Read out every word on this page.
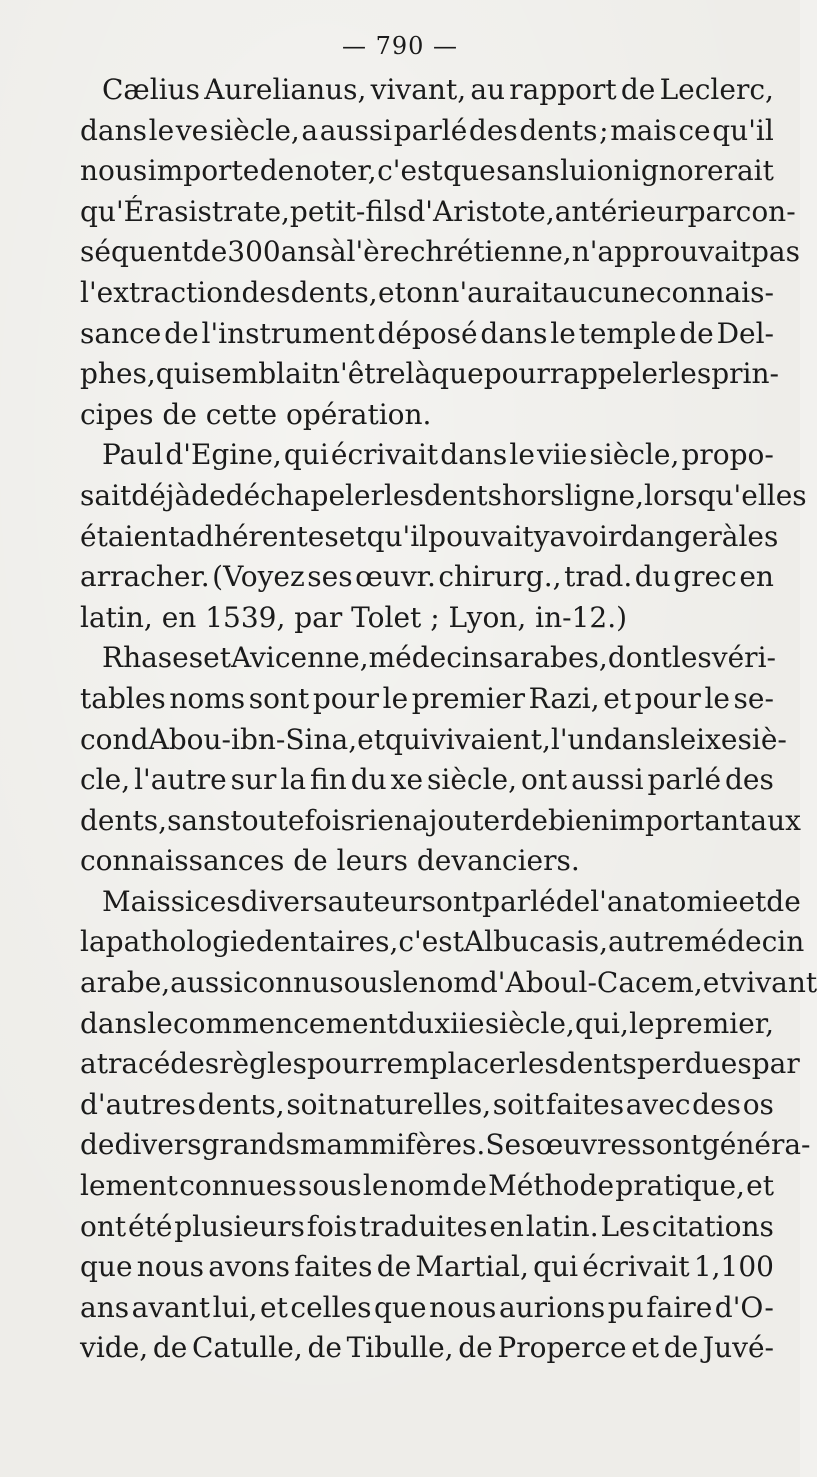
— 790 —
Cælius Aurelianus, vivant, au rapport de Leclerc,
dans le ve siècle, a aussi parlé des dents ; mais ce qu'il
nous importe de noter, c'est que sans lui on ignorerait
qu'Érasistrate, petit-fils d'Aristote, antérieur par con-
séquent de 300 ans à l'ère chrétienne, n'approuvait pas
l'extraction des dents, et on n'aurait aucune connais-
sance de l'instrument déposé dans le temple de Del-
phes, qui semblait n'être là que pour rappeler les prin-
cipes de cette opération.
Paul d'Egine, qui écrivait dans le viie siècle, propo-
sait déjà de déchapeler les dents hors ligne, lorsqu'elles
étaient adhérentes et qu'il pouvait y avoir danger à les
arracher. (Voyez ses œuvr. chirurg., trad. du grec en
latin, en 1539, par Tolet ; Lyon, in-12.)
Rhases et Avicenne, médecins arabes, dont les véri-
tables noms sont pour le premier Razi, et pour le se-
cond Abou-ibn-Sina, et qui vivaient, l'un dans le ixe siè-
cle, l'autre sur la fin du xe siècle, ont aussi parlé des
dents, sans toutefois rien ajouter de bien important aux
connaissances de leurs devanciers.
Mais si ces divers auteurs ont parlé de l'anatomie et de
la pathologie dentaires, c'est Albucasis, autre médecin
arabe, aussi connu sous le nom d'Aboul-Cacem, et vivant
dans le commencement du xiie siècle, qui, le premier,
a tracé des règles pour remplacer les dents perdues par
d'autres dents, soit naturelles, soit faites avec des os
de divers grands mammifères. Ses œuvres sont généra-
lement connues sous le nom de Méthode pratique, et
ont été plusieurs fois traduites en latin. Les citations
que nous avons faites de Martial, qui écrivait 1,100
ans avant lui, et celles que nous aurions pu faire d'O-
vide, de Catulle, de Tibulle, de Properce et de Juvé-
